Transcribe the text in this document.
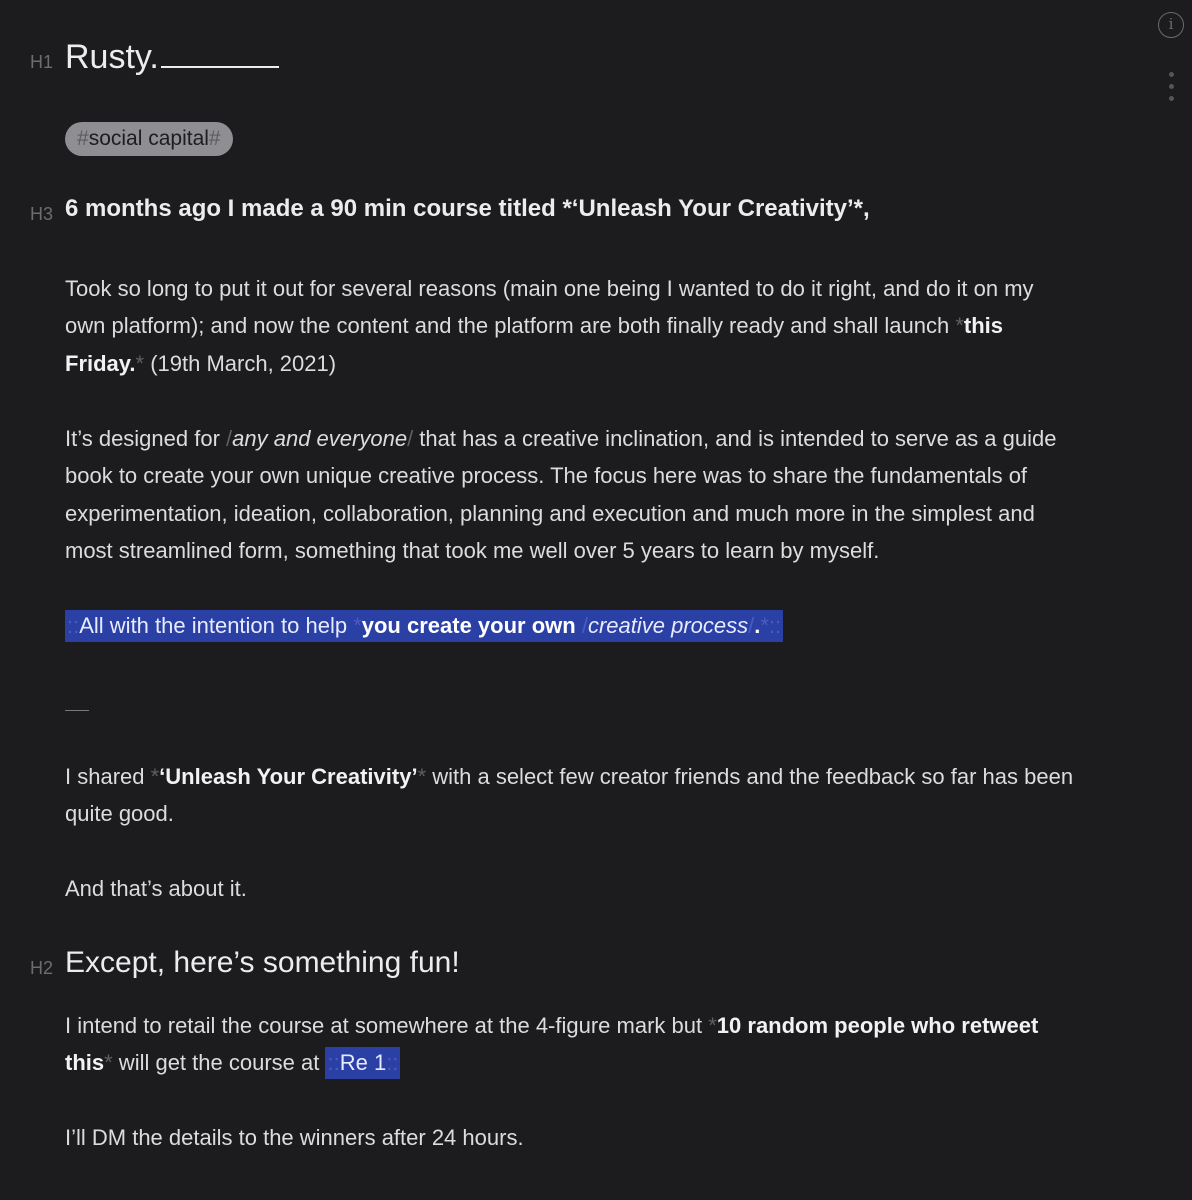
H1 Rusty.
#social capital#
H3 6 months ago I made a 90 min course titled *‘Unleash Your Creativity’*,
Took so long to put it out for several reasons (main one being I wanted to do it right, and do it on my
own platform); and now the content and the platform are both finally ready and shall launch *this
Friday.* (19th March, 2021)
It’s designed for /any and everyone/ that has a creative inclination, and is intended to serve as a guide
book to create your own unique creative process. The focus here was to share the fundamentals of
experimentation, ideation, collaboration, planning and execution and much more in the simplest and
most streamlined form, something that took me well over 5 years to learn by myself.
::All with the intention to help *you create your own /creative process/.*::
I shared *‘Unleash Your Creativity’* with a select few creator friends and the feedback so far has been
quite good.
And that’s about it.
H2 Except, here’s something fun!
I intend to retail the course at somewhere at the 4-figure mark but *10 random people who retweet
this* will get the course at ::Re 1::
I’ll DM the details to the winners after 24 hours.
i
